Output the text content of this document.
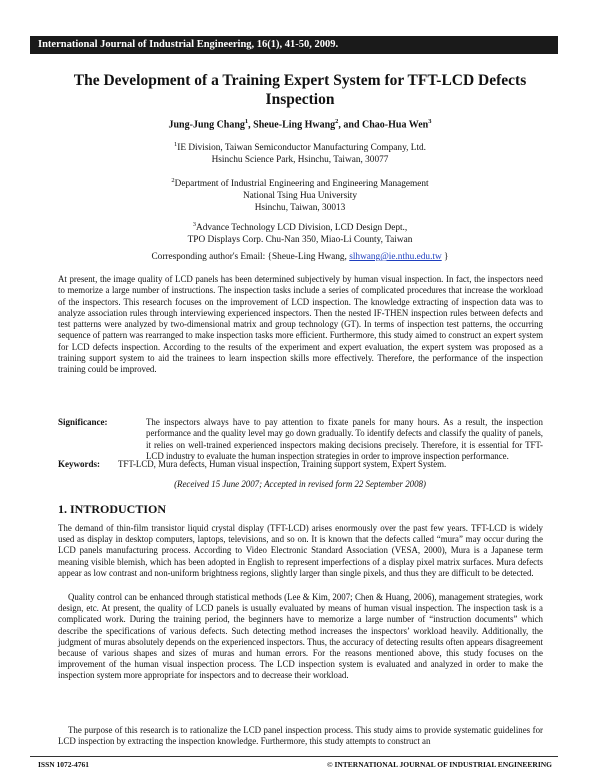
International Journal of Industrial Engineering, 16(1), 41-50, 2009.
The Development of a Training Expert System for TFT-LCD Defects Inspection
Jung-Jung Chang$^1$, Sheue-Ling Hwang$^2$, and Chao-Hua Wen$^3$
$^1$IE Division, Taiwan Semiconductor Manufacturing Company, Ltd.
Hsinchu Science Park, Hsinchu, Taiwan, 30077
$^2$Department of Industrial Engineering and Engineering Management
National Tsing Hua University
Hsinchu, Taiwan, 30013
$^3$Advance Technology LCD Division, LCD Design Dept.,
TPO Displays Corp. Chu-Nan 350, Miao-Li County, Taiwan
Corresponding author's Email: {Sheue-Ling Hwang, slhwang@ie.nthu.edu.tw }
At present, the image quality of LCD panels has been determined subjectively by human visual inspection. In fact, the inspectors need to memorize a large number of instructions. The inspection tasks include a series of complicated procedures that increase the workload of the inspectors. This research focuses on the improvement of LCD inspection. The knowledge extracting of inspection data was to analyze association rules through interviewing experienced inspectors. Then the nested IF-THEN inspection rules between defects and test patterns were analyzed by two-dimensional matrix and group technology (GT). In terms of inspection test patterns, the occurring sequence of pattern was rearranged to make inspection tasks more efficient. Furthermore, this study aimed to construct an expert system for LCD defects inspection. According to the results of the experiment and expert evaluation, the expert system was proposed as a training support system to aid the trainees to learn inspection skills more effectively. Therefore, the performance of the inspection training could be improved.
Significance:	The inspectors always have to pay attention to fixate panels for many hours. As a result, the inspection performance and the quality level may go down gradually. To identify defects and classify the quality of panels, it relies on well-trained experienced inspectors making decisions precisely. Therefore, it is essential for TFT-LCD industry to evaluate the human inspection strategies in order to improve inspection performance.
Keywords: TFT-LCD, Mura defects, Human visual inspection, Training support system, Expert System.
(Received 15 June 2007; Accepted in revised form 22 September 2008)
1. INTRODUCTION

The demand of thin-film transistor liquid crystal display (TFT-LCD) arises enormously over the past few years. TFT-LCD is widely used as display in desktop computers, laptops, televisions, and so on. It is known that the defects called “mura” may occur during the LCD panels manufacturing process. According to Video Electronic Standard Association (VESA, 2000), Mura is a Japanese term meaning visible blemish, which has been adopted in English to represent imperfections of a display pixel matrix surfaces. Mura defects appear as low contrast and non-uniform brightness regions, slightly larger than single pixels, and thus they are difficult to be detected.

Quality control can be enhanced through statistical methods (Lee & Kim, 2007; Chen & Huang, 2006), management strategies, work design, etc. At present, the quality of LCD panels is usually evaluated by means of human visual inspection. The inspection task is a complicated work. During the training period, the beginners have to memorize a large number of “instruction documents” which describe the specifications of various defects. Such detecting method increases the inspectors’ workload heavily. Additionally, the judgment of muras absolutely depends on the experienced inspectors. Thus, the accuracy of detecting results often appears disagreement because of various shapes and sizes of muras and human errors. For the reasons mentioned above, this study focuses on the improvement of the human visual inspection process. The LCD inspection system is evaluated and analyzed in order to make the inspection system more appropriate for inspectors and to decrease their workload.

The purpose of this research is to rationalize the LCD panel inspection process. This study aims to provide systematic guidelines for LCD inspection by extracting the inspection knowledge. Furthermore, this study attempts to construct an

ISSN 1072-4761	© INTERNATIONAL JOURNAL OF INDUSTRIAL ENGINEERING
